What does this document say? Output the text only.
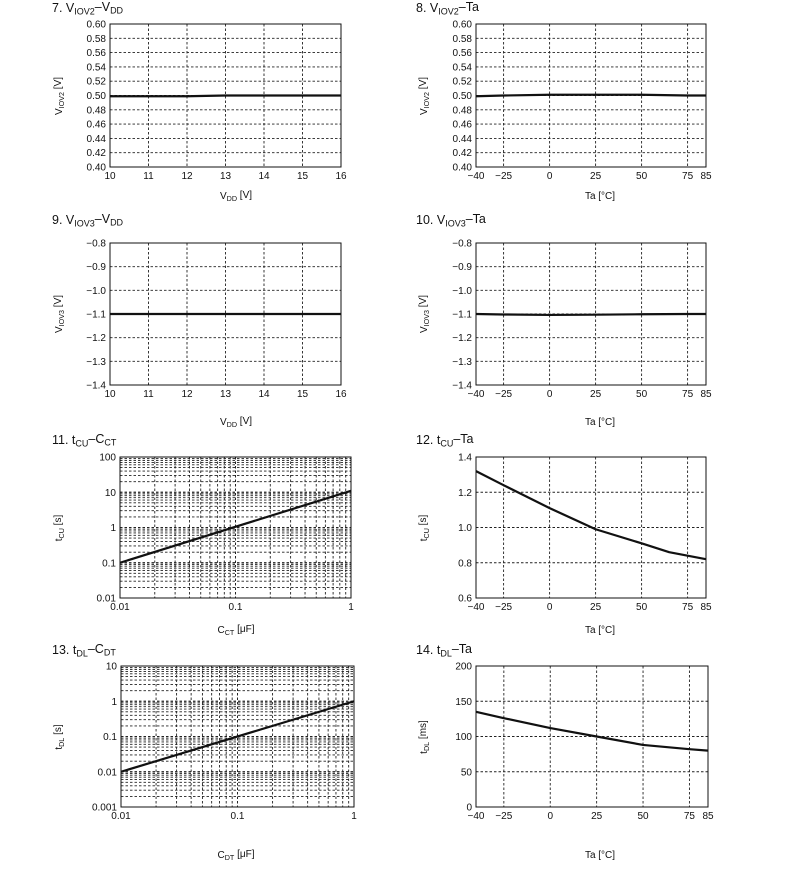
7. $V_{IOV2}-V_{DD}$
0.40
0.42
0.44
0.46
0.48
0.50
0.52
0.54
0.56
0.58
0.60
10	11	12	13	14	15	16
$V_{DD}$ [V]
$V_{IOV2}$ [V]
8. $V_{IOV2}-Ta$
0.40
0.42
0.44
0.46
0.48
0.50
0.52
0.54
0.56
0.58
0.60
−40 −25	0	25	50	75 85
Ta [°C]
$V_{IOV2}$ [V]
9. $V_{IOV3}-V_{DD}$
−1.4
−1.3
−1.2
−1.1
−1.0
−0.9
−0.8
10	11	12	13	14	15	16
$V_{DD}$ [V]
$V_{IOV3}$ [V]
10. $V_{IOV3}-Ta$
−1.4
−1.3
−1.2
−1.1
−1.0
−0.9
−0.8
−40 −25	0	25	50	75 85
Ta [°C]
$V_{IOV3}$ [V]
11. $t_{CU}-C_{CT}$
0.01
0.1
1
10
100
0.01	0.1	1
$C_{CT}$ [μF]
$t_{CU}$ [s]
12. $t_{CU}-Ta$
0.6
0.8
1.0
1.2
1.4
−40 −25	0	25	50	75 85
Ta [°C]
$t_{CU}$ [s]
13. $t_{DL}-C_{DT}$
0.001
0.01
0.1
1
10
0.01	0.1	1
$C_{DT}$ [μF]
$t_{DL}$ [s]
14. $t_{DL}-Ta$
0
50
100
150
200
−40 −25	0	25	50	75 85
Ta [°C]
$t_{DL}$ [ms]
